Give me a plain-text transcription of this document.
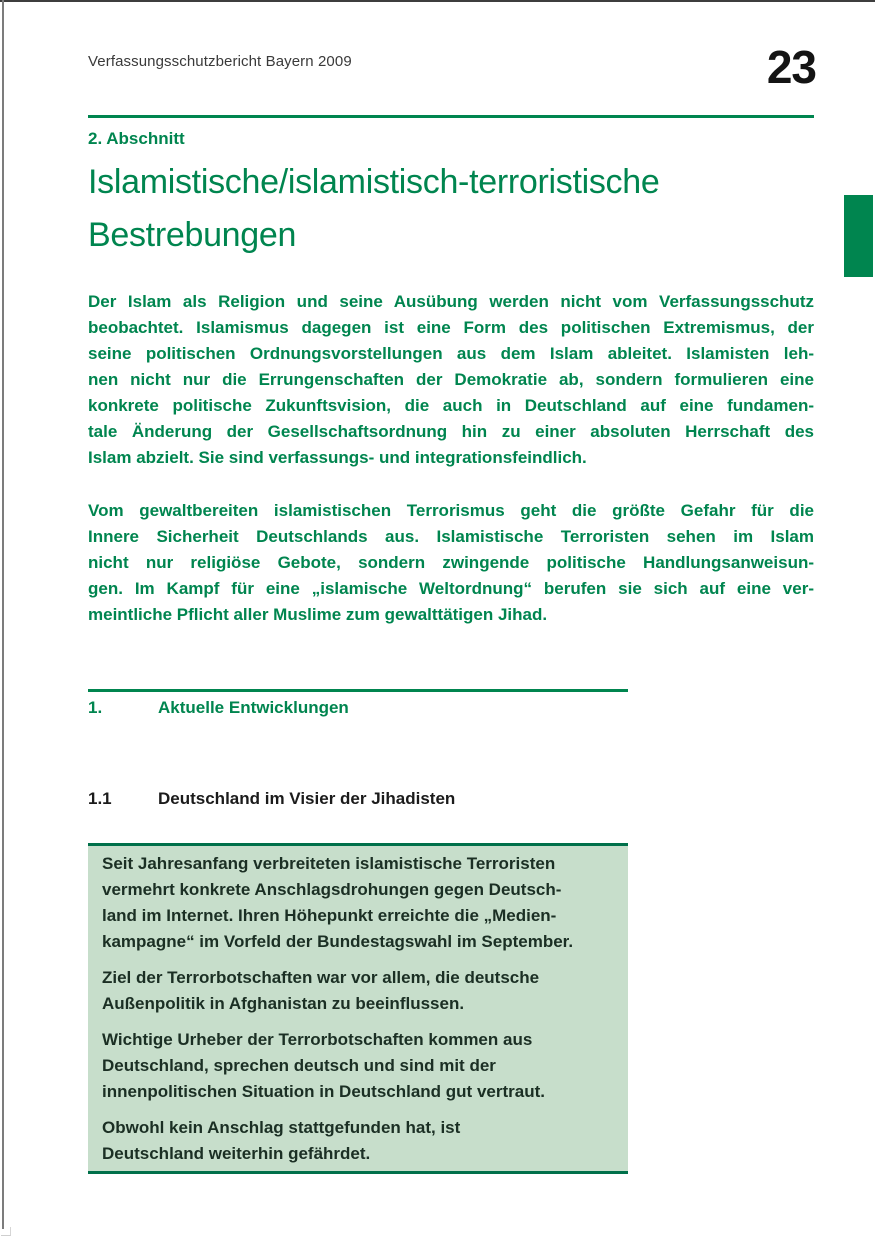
Verfassungsschutzbericht Bayern 2009	23
2. Abschnitt
Islamistische/islamistisch-terroristische
Bestrebungen
Der Islam als Religion und seine Ausübung werden nicht vom Verfassungsschutz
beobachtet. Islamismus dagegen ist eine Form des politischen Extremismus, der
seine politischen Ordnungsvorstellungen aus dem Islam ableitet. Islamisten leh-
nen nicht nur die Errungenschaften der Demokratie ab, sondern formulieren eine
konkrete politische Zukunftsvision, die auch in Deutschland auf eine fundamen-
tale Änderung der Gesellschaftsordnung hin zu einer absoluten Herrschaft des
Islam abzielt. Sie sind verfassungs- und integrationsfeindlich.
Vom gewaltbereiten islamistischen Terrorismus geht die größte Gefahr für die
Innere Sicherheit Deutschlands aus. Islamistische Terroristen sehen im Islam
nicht nur religiöse Gebote, sondern zwingende politische Handlungsanweisun-
gen. Im Kampf für eine „islamische Weltordnung“ berufen sie sich auf eine ver-
meintliche Pflicht aller Muslime zum gewalttätigen Jihad.
1.	Aktuelle Entwicklungen
1.1	Deutschland im Visier der Jihadisten
Seit Jahresanfang verbreiteten islamistische Terroristen
vermehrt konkrete Anschlagsdrohungen gegen Deutsch-
land im Internet. Ihren Höhepunkt erreichte die „Medien-
kampagne“ im Vorfeld der Bundestagswahl im September.
Ziel der Terrorbotschaften war vor allem, die deutsche
Außenpolitik in Afghanistan zu beeinflussen.
Wichtige Urheber der Terrorbotschaften kommen aus
Deutschland, sprechen deutsch und sind mit der
innenpolitischen Situation in Deutschland gut vertraut.
Obwohl kein Anschlag stattgefunden hat, ist
Deutschland weiterhin gefährdet.
